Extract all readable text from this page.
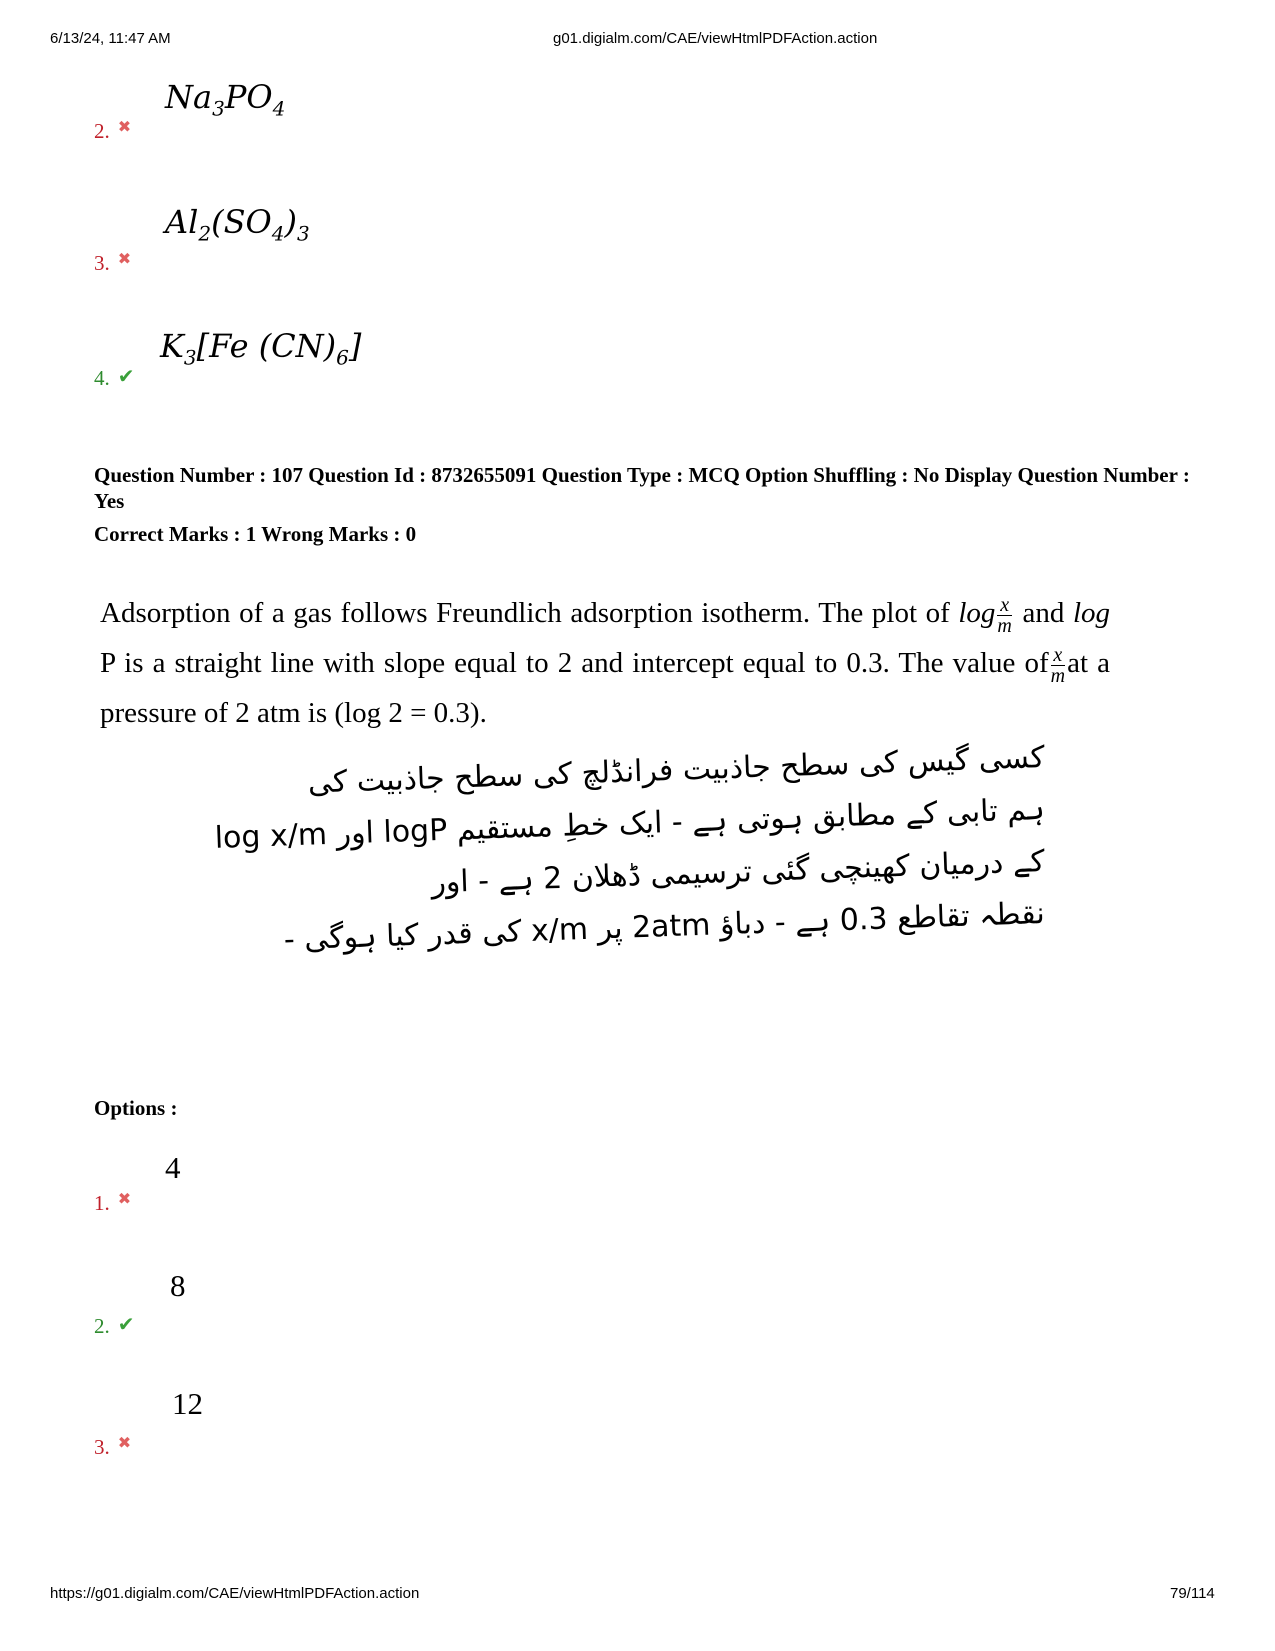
6/13/24, 11:47 AM	g01.digialm.com/CAE/viewHtmlPDFAction.action
$Na_3PO_4$
2. ✖
$Al_2(SO_4)_3$
3. ✖
$K_3[Fe$ $(CN)_6$]
4. ✔
Question Number : 107 Question Id : 8732655091 Question Type : MCQ Option Shuffling : No Display Question Number : Yes
Correct Marks : 1 Wrong Marks : 0
Adsorption of a gas follows Freundlich adsorption isotherm. The plot of $\log \frac{x}{m}$ and log P is a straight line with slope equal to 2 and intercept equal to 0.3. The value of $\frac{x}{m}$ at a pressure of 2 atm is (log 2 = 0.3).
کسی گیس کی سطح جاذبیت فرانڈلچ کی سطح جاذبیت کی
ہم تابی کے مطابق ہوتی ہے - ایک خطِ مستقیم logP اور log x/m
کے درمیان کھینچی گئی ترسیمی ڈھلان 2 ہے - اور
نقطہ تقاطع 0.3 ہے - دباؤ 2atm پر x/m کی قدر کیا ہوگی -
Options :
4
1. ✖
8
2. ✔
12
3. ✖
https://g01.digialm.com/CAE/viewHtmlPDFAction.action	79/114
